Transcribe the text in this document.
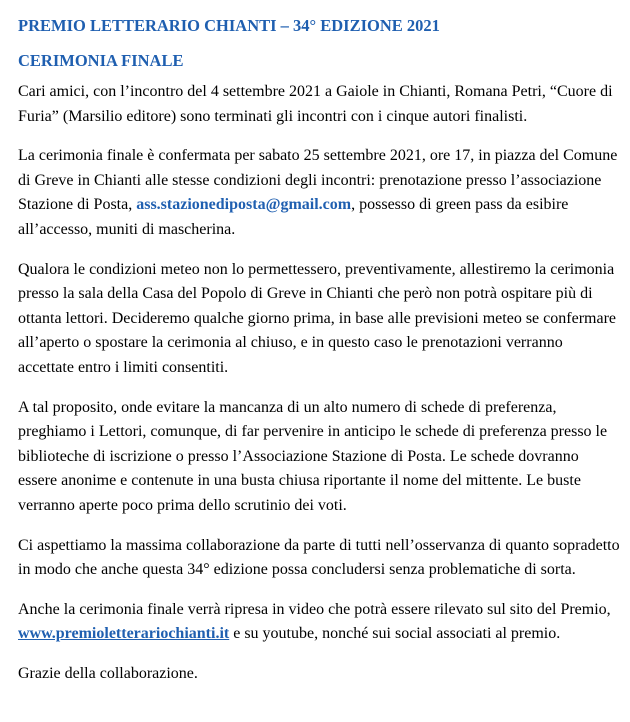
PREMIO LETTERARIO CHIANTI – 34° EDIZIONE 2021
CERIMONIA FINALE

Cari amici, con l’incontro del 4 settembre 2021 a Gaiole in Chianti, Romana Petri, “Cuore di Furia” (Marsilio editore) sono terminati gli incontri con i cinque autori finalisti.

La cerimonia finale è confermata per sabato 25 settembre 2021, ore 17, in piazza del Comune di Greve in Chianti alle stesse condizioni degli incontri: prenotazione presso l’associazione Stazione di Posta, ass.stazionediposta@gmail.com, possesso di green pass da esibire all’accesso, muniti di mascherina.

Qualora le condizioni meteo non lo permettessero, preventivamente, allestiremo la cerimonia presso la sala della Casa del Popolo di Greve in Chianti che però non potrà ospitare più di ottanta lettori. Decideremo qualche giorno prima, in base alle previsioni meteo se confermare all’aperto o spostare la cerimonia al chiuso, e in questo caso le prenotazioni verranno accettate entro i limiti consentiti.

A tal proposito, onde evitare la mancanza di un alto numero di schede di preferenza, preghiamo i Lettori, comunque, di far pervenire in anticipo le schede di preferenza presso le biblioteche di iscrizione o presso l’Associazione Stazione di Posta. Le schede dovranno essere anonime e contenute in una busta chiusa riportante il nome del mittente. Le buste verranno aperte poco prima dello scrutinio dei voti.

Ci aspettiamo la massima collaborazione da parte di tutti nell’osservanza di quanto sopradetto in modo che anche questa 34° edizione possa concludersi senza problematiche di sorta.

Anche la cerimonia finale verrà ripresa in video che potrà essere rilevato sul sito del Premio, www.premioletterariochianti.it e su youtube, nonché sui social associati al premio.

Grazie della collaborazione.
